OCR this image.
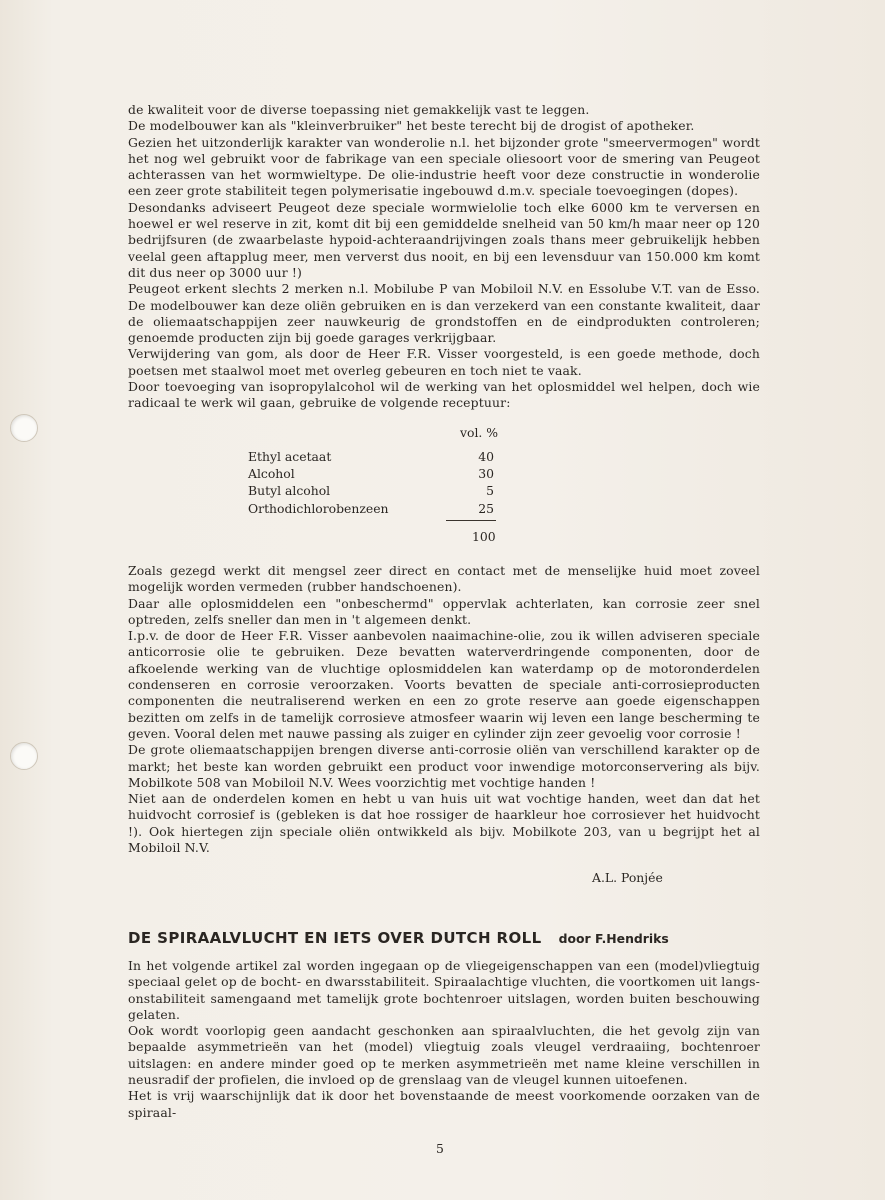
de kwaliteit voor de diverse toepassing niet gemakkelijk vast te leggen.

De modelbouwer kan als "kleinverbruiker" het beste terecht bij de drogist of apotheker.

Gezien het uitzonderlijk karakter van wonderolie n.l. het bijzonder grote "smeervermogen" wordt het nog wel gebruikt voor de fabrikage van een speciale oliesoort voor de smering van Peugeot achterassen van het wormwieltype. De olie-industrie heeft voor deze constructie in wonderolie een zeer grote stabiliteit tegen polymerisatie ingebouwd d.m.v. speciale toevoegingen (dopes).

Desondanks adviseert Peugeot deze speciale wormwielolie toch elke 6000 km te verversen en hoewel er wel reserve in zit, komt dit bij een gemiddelde snelheid van 50 km/h maar neer op 120 bedrijfsuren (de zwaarbelaste hypoid-achteraandrijvingen zoals thans meer gebruikelijk hebben veelal geen aftapplug meer, men ververst dus nooit, en bij een levensduur van 150.000 km komt dit dus neer op 3000 uur !)

Peugeot erkent slechts 2 merken n.l. Mobilube P van Mobiloil N.V. en Essolube V.T. van de Esso. De modelbouwer kan deze oliën gebruiken en is dan verzekerd van een constante kwaliteit, daar de oliemaatschappijen zeer nauwkeurig de grondstoffen en de eindprodukten controleren; genoemde producten zijn bij goede garages verkrijgbaar.

Verwijdering van gom, als door de Heer F.R. Visser voorgesteld, is een goede methode, doch poetsen met staalwol moet met overleg gebeuren en toch niet te vaak.

Door toevoeging van isopropylalcohol wil de werking van het oplosmiddel wel helpen, doch wie radicaal te werk wil gaan, gebruike de volgende receptuur:

vol. %
Ethyl acetaat	40
Alcohol	30
Butyl alcohol	5
Orthodichlorobenzeen	25
100

Zoals gezegd werkt dit mengsel zeer direct en contact met de menselijke huid moet zoveel mogelijk worden vermeden (rubber handschoenen).

Daar alle oplosmiddelen een "onbeschermd" oppervlak achterlaten, kan corrosie zeer snel optreden, zelfs sneller dan men in 't algemeen denkt.

I.p.v. de door de Heer F.R. Visser aanbevolen naaimachine-olie, zou ik willen adviseren speciale anticorrosie olie te gebruiken. Deze bevatten waterverdringende componenten, door de afkoelende werking van de vluchtige oplosmiddelen kan waterdamp op de motoronderdelen condenseren en corrosie veroorzaken. Voorts bevatten de speciale anti-corrosieproducten componenten die neutraliserend werken en een zo grote reserve aan goede eigenschappen bezitten om zelfs in de tamelijk corrosieve atmosfeer waarin wij leven een lange bescherming te geven. Vooral delen met nauwe passing als zuiger en cylinder zijn zeer gevoelig voor corrosie !

De grote oliemaatschappijen brengen diverse anti-corrosie oliën van verschillend karakter op de markt; het beste kan worden gebruikt een product voor inwendige motorconservering als bijv. Mobilkote 508 van Mobiloil N.V. Wees voorzichtig met vochtige handen !

Niet aan de onderdelen komen en hebt u van huis uit wat vochtige handen, weet dan dat het huidvocht corrosief is (gebleken is dat hoe rossiger de haarkleur hoe corrosiever het huidvocht !). Ook hiertegen zijn speciale oliën ontwikkeld als bijv. Mobilkote 203, van u begrijpt het al Mobiloil N.V.

A.L. Ponjée
DE SPIRAALVLUCHT EN IETS OVER DUTCH ROLL door F.Hendriks

In het volgende artikel zal worden ingegaan op de vliegeigenschappen van een (model)vliegtuig speciaal gelet op de bocht- en dwarsstabiliteit. Spiraalachtige vluchten, die voortkomen uit langs-onstabiliteit samengaand met tamelijk grote bochtenroer uitslagen, worden buiten beschouwing gelaten.

Ook wordt voorlopig geen aandacht geschonken aan spiraalvluchten, die het gevolg zijn van bepaalde asymmetrieën van het (model) vliegtuig zoals vleugel verdraaiing, bochtenroer uitslagen: en andere minder goed op te merken asymmetrieën met name kleine verschillen in neusradif der profielen, die invloed op de grenslaag van de vleugel kunnen uitoefenen.

Het is vrij waarschijnlijk dat ik door het bovenstaande de meest voorkomende oorzaken van de spiraal-

5
